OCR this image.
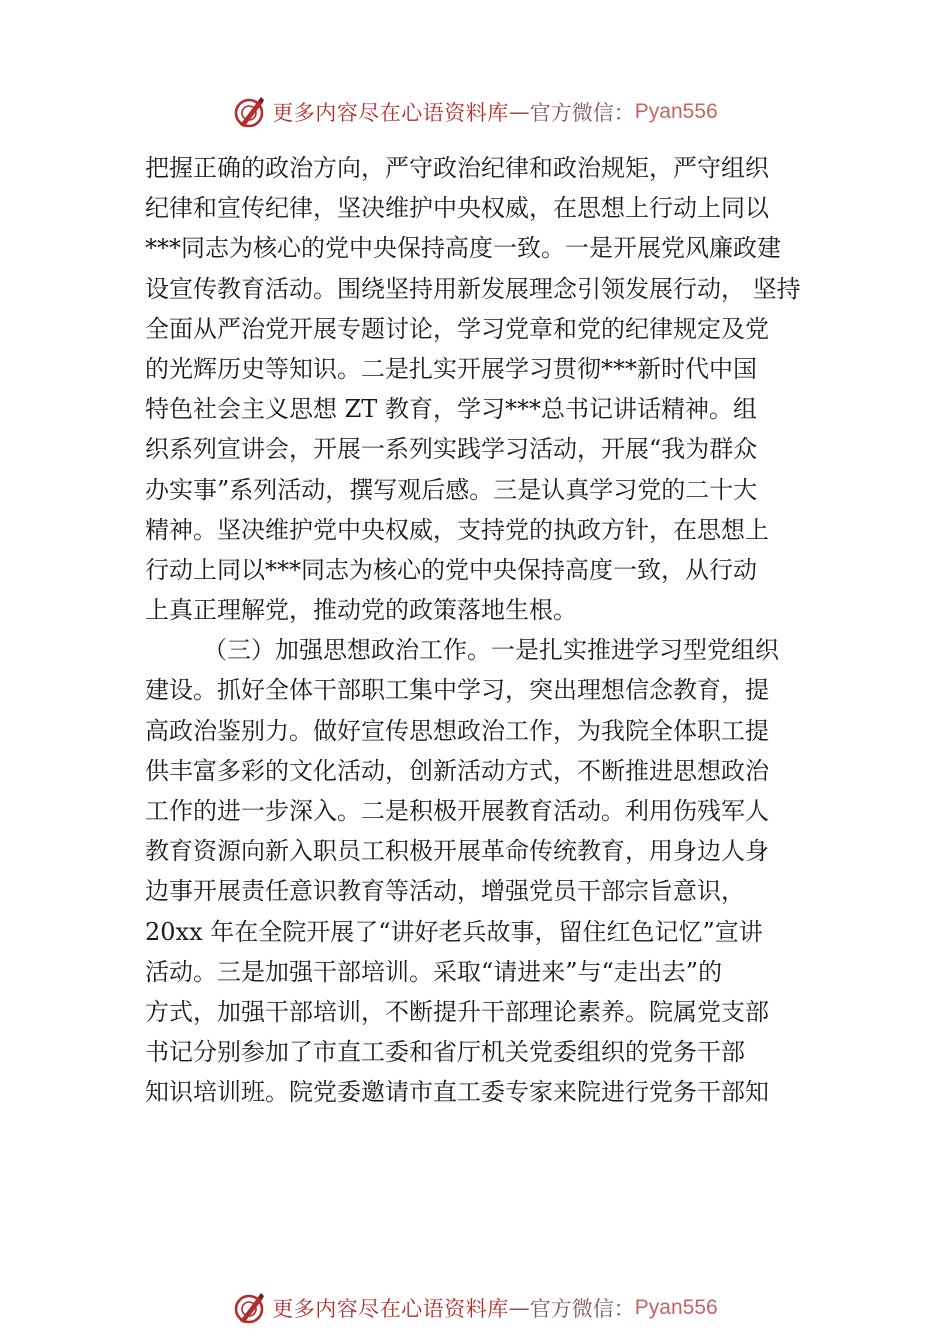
更多内容尽在心语资料库 — 官方微信： Pyan556
把握正确的政治方向，严守政治纪律和政治规矩，严守组织
纪律和宣传纪律，坚决维护中央权威，在思想上行动上同以
***同志为核心的党中央保持高度一致。一是开展党风廉政建
设宣传教育活动。围绕坚持用新发展理念引领发展行动， 坚持
全面从严治党开展专题讨论，学习党章和党的纪律规定及党
的光辉历史等知识。二是扎实开展学习贯彻***新时代中国
特色社会主义思想 ZT 教育，学习***总书记讲话精神。组
织系列宣讲会，开展一系列实践学习活动，开展“我为群众
办实事”系列活动，撰写观后感。三是认真学习党的二十大
精神。坚决维护党中央权威，支持党的执政方针，在思想上
行动上同以***同志为核心的党中央保持高度一致，从行动
上真正理解党，推动党的政策落地生根。
（三）加强思想政治工作。一是扎实推进学习型党组织
建设。抓好全体干部职工集中学习，突出理想信念教育，提
高政治鉴别力。做好宣传思想政治工作，为我院全体职工提
供丰富多彩的文化活动，创新活动方式，不断推进思想政治
工作的进一步深入。二是积极开展教育活动。利用伤残军人
教育资源向新入职员工积极开展革命传统教育，用身边人身
边事开展责任意识教育等活动，增强党员干部宗旨意识，
20xx 年在全院开展了“讲好老兵故事，留住红色记忆”宣讲
活动。三是加强干部培训。采取“请进来”与“走出去”的
方式，加强干部培训，不断提升干部理论素养。院属党支部
书记分别参加了市直工委和省厅机关党委组织的党务干部
知识培训班。院党委邀请市直工委专家来院进行党务干部知
更多内容尽在心语资料库 — 官方微信： Pyan556
